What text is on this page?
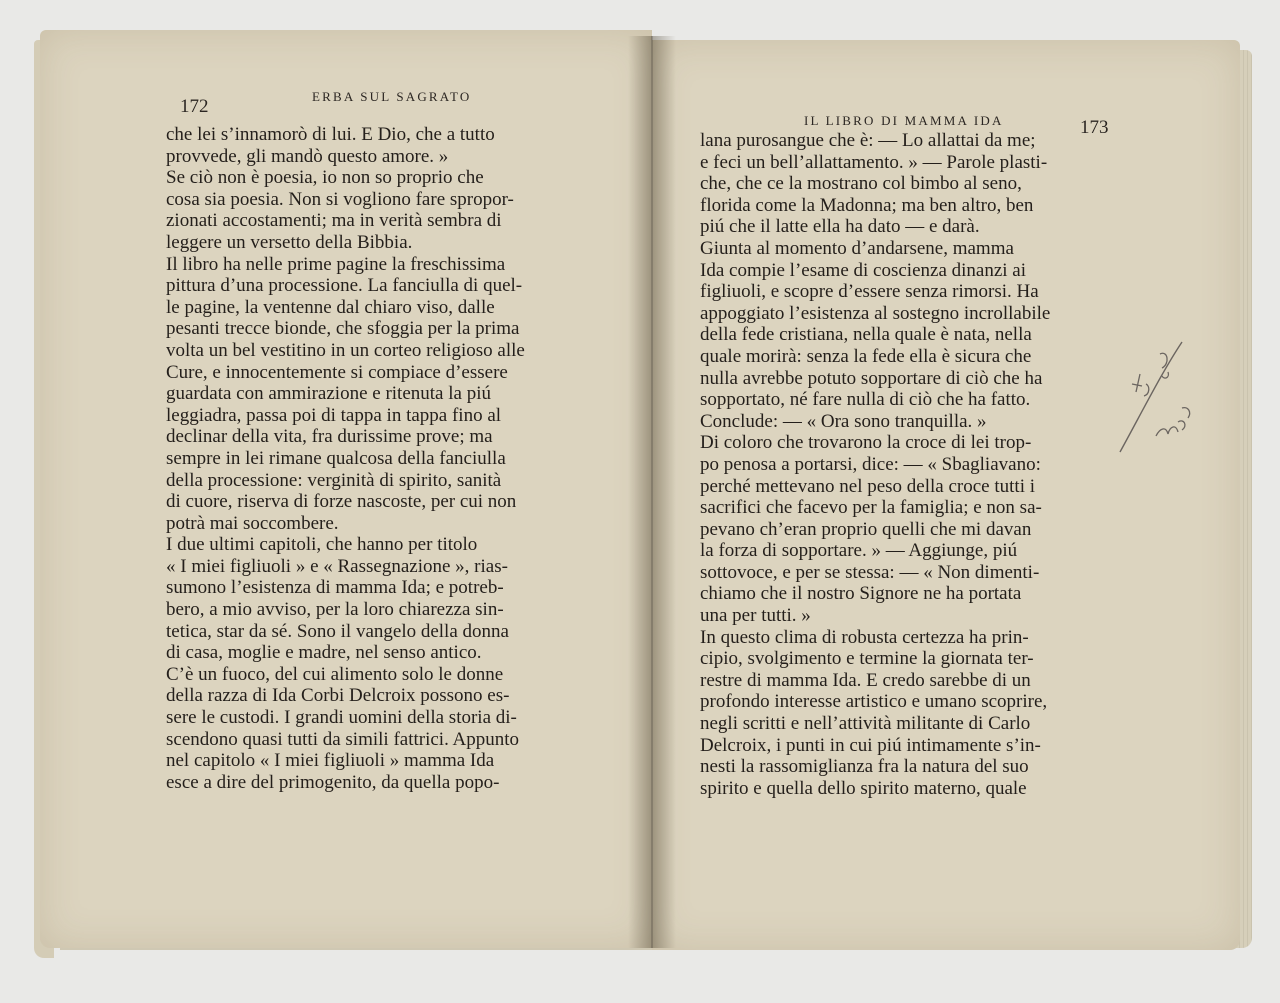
172	ERBA SUL SAGRATO

che lei s’innamorò di lui. E Dio, che a tutto

provvede, gli mandò questo amore. »

Se ciò non è poesia, io non so proprio che

cosa sia poesia. Non si vogliono fare spropor-

zionati accostamenti; ma in verità sembra di

leggere un versetto della Bibbia.

Il libro ha nelle prime pagine la freschissima

pittura d’una processione. La fanciulla di quel-

le pagine, la ventenne dal chiaro viso, dalle

pesanti trecce bionde, che sfoggia per la prima

volta un bel vestitino in un corteo religioso alle

Cure, e innocentemente si compiace d’essere

guardata con ammirazione e ritenuta la piú

leggiadra, passa poi di tappa in tappa fino al

declinar della vita, fra durissime prove; ma

sempre in lei rimane qualcosa della fanciulla

della processione: verginità di spirito, sanità

di cuore, riserva di forze nascoste, per cui non

potrà mai soccombere.

I due ultimi capitoli, che hanno per titolo

« I miei figliuoli » e « Rassegnazione », rias-

sumono l’esistenza di mamma Ida; e potreb-

bero, a mio avviso, per la loro chiarezza sin-

tetica, star da sé. Sono il vangelo della donna

di casa, moglie e madre, nel senso antico.

C’è un fuoco, del cui alimento solo le donne

della razza di Ida Corbi Delcroix possono es-

sere le custodi. I grandi uomini della storia di-

scendono quasi tutti da simili fattrici. Appunto

nel capitolo « I miei figliuoli » mamma Ida

esce a dire del primogenito, da quella popo-

IL LIBRO DI MAMMA IDA	173

lana purosangue che è: — Lo allattai da me;

e feci un bell’allattamento. » — Parole plasti-

che, che ce la mostrano col bimbo al seno,

florida come la Madonna; ma ben altro, ben

piú che il latte ella ha dato — e darà.

Giunta al momento d’andarsene, mamma

Ida compie l’esame di coscienza dinanzi ai

figliuoli, e scopre d’essere senza rimorsi. Ha

appoggiato l’esistenza al sostegno incrollabile

della fede cristiana, nella quale è nata, nella

quale morirà: senza la fede ella è sicura che

nulla avrebbe potuto sopportare di ciò che ha

sopportato, né fare nulla di ciò che ha fatto.

Conclude: — « Ora sono tranquilla. »

Di coloro che trovarono la croce di lei trop-

po penosa a portarsi, dice: — « Sbagliavano:

perché mettevano nel peso della croce tutti i

sacrifici che facevo per la famiglia; e non sa-

pevano ch’eran proprio quelli che mi davan

la forza di sopportare. » — Aggiunge, piú

sottovoce, e per se stessa: — « Non dimenti-

chiamo che il nostro Signore ne ha portata

una per tutti. »

In questo clima di robusta certezza ha prin-

cipio, svolgimento e termine la giornata ter-

restre di mamma Ida. E credo sarebbe di un

profondo interesse artistico e umano scoprire,

negli scritti e nell’attività militante di Carlo

Delcroix, i punti in cui piú intimamente s’in-

nesti la rassomiglianza fra la natura del suo

spirito e quella dello spirito materno, quale
